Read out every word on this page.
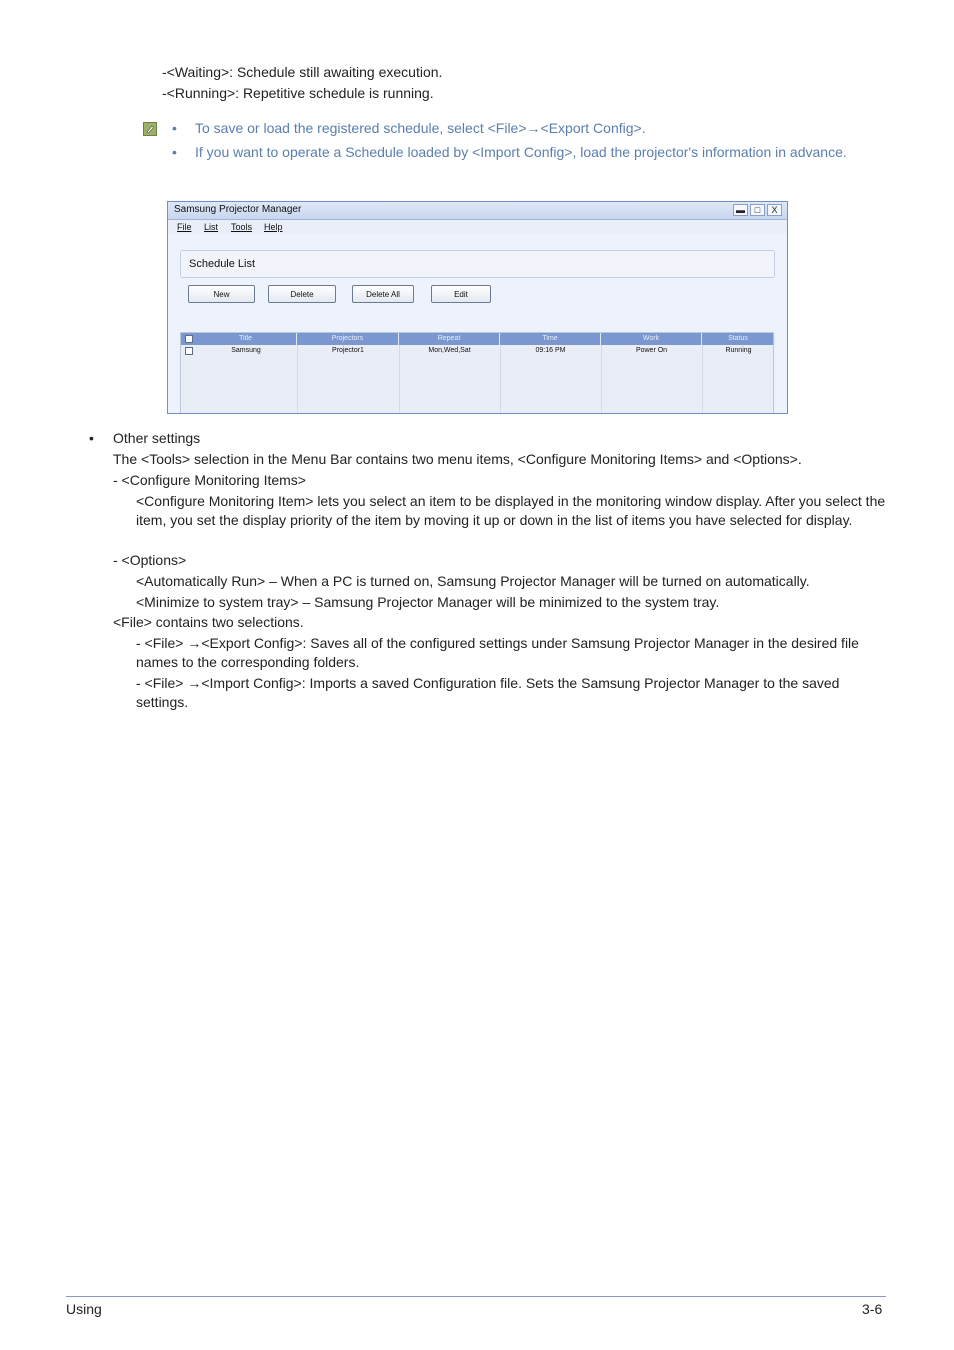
-<Waiting>: Schedule still awaiting execution.
-<Running>: Repetitive schedule is running.
• To save or load the registered schedule, select <File>→<Export Config>.
• If you want to operate a Schedule loaded by <Import Config>, load the projector's information in advance.
Samsung Projector Manager	▬	□	X
File List Tools Help
Schedule List
New	Delete	Delete All	Edit
Title	Projectors	Repeat	Time	Work	Status
Samsung	Projector1	Mon,Wed,Sat	09:16 PM	Power On	Running
• Other settings
The <Tools> selection in the Menu Bar contains two menu items, <Configure Monitoring Items> and <Options>.
- <Configure Monitoring Items>
<Configure Monitoring Item> lets you select an item to be displayed in the monitoring window display. After you select the item, you set the display priority of the item by moving it up or down in the list of items you have selected for display.
- <Options>
<Automatically Run> – When a PC is turned on, Samsung Projector Manager will be turned on automatically.
<Minimize to system tray> – Samsung Projector Manager will be minimized to the system tray.
<File> contains two selections.
- <File> →<Export Config>: Saves all of the configured settings under Samsung Projector Manager in the desired file names to the corresponding folders.
- <File> →<Import Config>: Imports a saved Configuration file. Sets the Samsung Projector Manager to the saved settings.
Using	3-6
